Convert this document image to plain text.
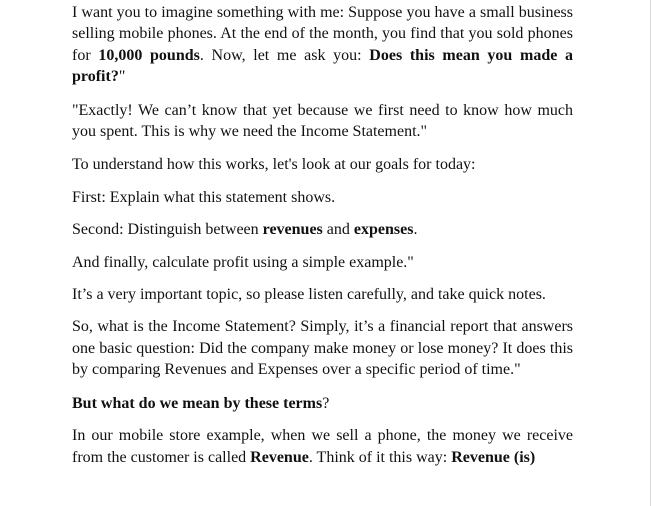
I want you to imagine something with me: Suppose you have a small business selling mobile phones. At the end of the month, you find that you sold phones for 10,000 pounds. Now, let me ask you: Does this mean you made a profit?"

"Exactly! We can’t know that yet because we first need to know how much you spent. This is why we need the Income Statement."

To understand how this works, let's look at our goals for today:

First: Explain what this statement shows.

Second: Distinguish between revenues and expenses.

And finally, calculate profit using a simple example."

It’s a very important topic, so please listen carefully, and take quick notes.

So, what is the Income Statement? Simply, it’s a financial report that answers one basic question: Did the company make money or lose money? It does this by comparing Revenues and Expenses over a specific period of time."

But what do we mean by these terms?

In our mobile store example, when we sell a phone, the money we receive from the customer is called Revenue. Think of it this way: Revenue (is)
